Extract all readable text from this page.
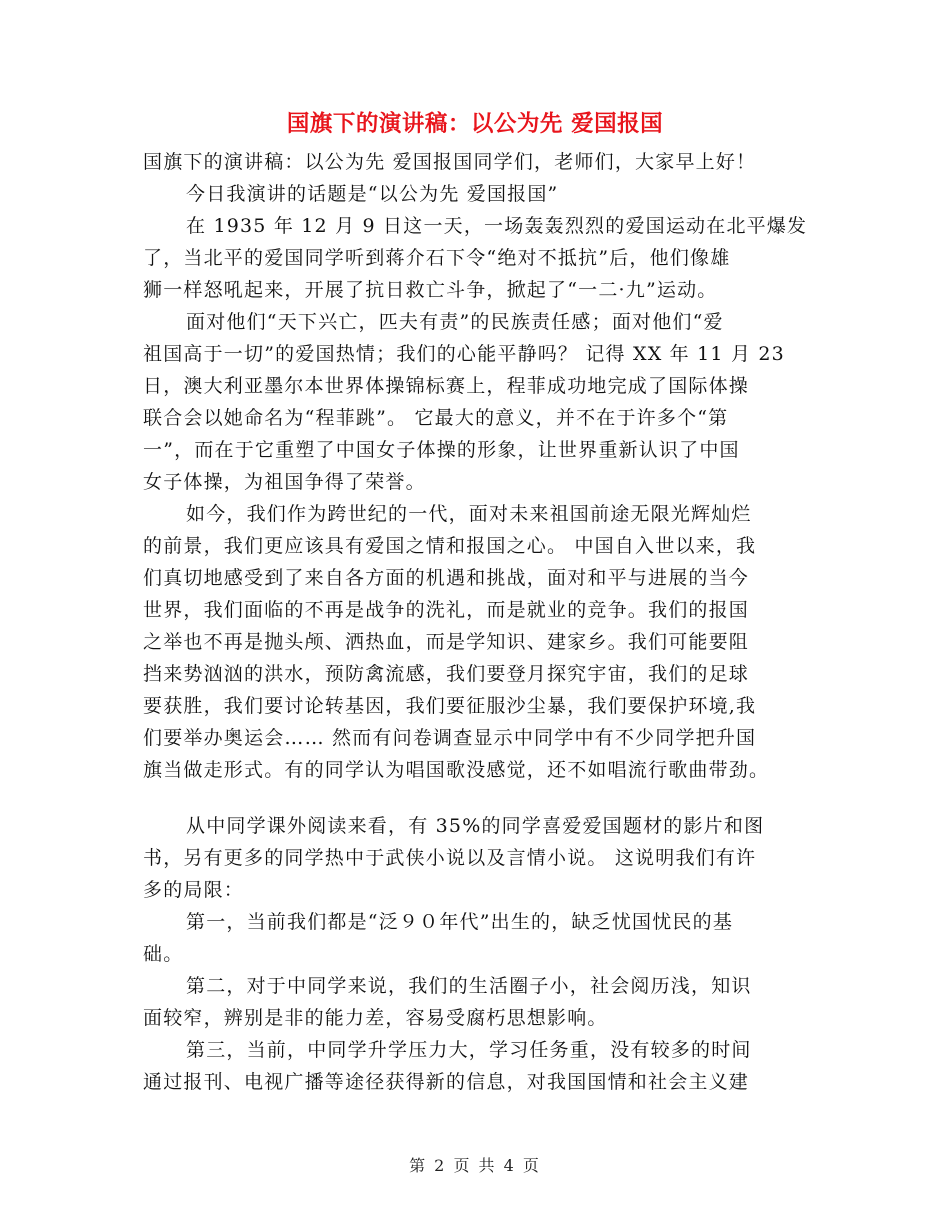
国旗下的演讲稿：以公为先 爱国报国
国旗下的演讲稿：以公为先 爱国报国同学们，老师们，大家早上好！
今日我演讲的话题是“以公为先 爱国报国”
在 1935 年 12 月 9 日这一天，一场轰轰烈烈的爱国运动在北平爆发
了，当北平的爱国同学听到蒋介石下令“绝对不抵抗”后，他们像雄
狮一样怒吼起来，开展了抗日救亡斗争，掀起了“一二·九”运动。
面对他们“天下兴亡，匹夫有责”的民族责任感；面对他们“爱
祖国高于一切”的爱国热情；我们的心能平静吗？ 记得 XX 年 11 月 23
日，澳大利亚墨尔本世界体操锦标赛上，程菲成功地完成了国际体操
联合会以她命名为“程菲跳”。 它最大的意义，并不在于许多个“第
一”，而在于它重塑了中国女子体操的形象，让世界重新认识了中国
女子体操，为祖国争得了荣誉。
如今，我们作为跨世纪的一代，面对未来祖国前途无限光辉灿烂
的前景，我们更应该具有爱国之情和报国之心。 中国自入世以来，我
们真切地感受到了来自各方面的机遇和挑战，面对和平与进展的当今
世界，我们面临的不再是战争的洗礼，而是就业的竞争。我们的报国
之举也不再是抛头颅、洒热血，而是学知识、建家乡。我们可能要阻
挡来势汹汹的洪水，预防禽流感，我们要登月探究宇宙，我们的足球
要获胜，我们要讨论转基因，我们要征服沙尘暴，我们要保护环境,我
们要举办奥运会…… 然而有问卷调查显示中同学中有不少同学把升国
旗当做走形式。有的同学认为唱国歌没感觉，还不如唱流行歌曲带劲。
从中同学课外阅读来看，有 35%的同学喜爱爱国题材的影片和图
书，另有更多的同学热中于武侠小说以及言情小说。 这说明我们有许
多的局限：
第一，当前我们都是“泛９０年代”出生的，缺乏忧国忧民的基
础。
第二，对于中同学来说，我们的生活圈子小，社会阅历浅，知识
面较窄，辨别是非的能力差，容易受腐朽思想影响。
第三，当前，中同学升学压力大，学习任务重，没有较多的时间
通过报刊、电视广播等途径获得新的信息，对我国国情和社会主义建
第 2 页 共 4 页
